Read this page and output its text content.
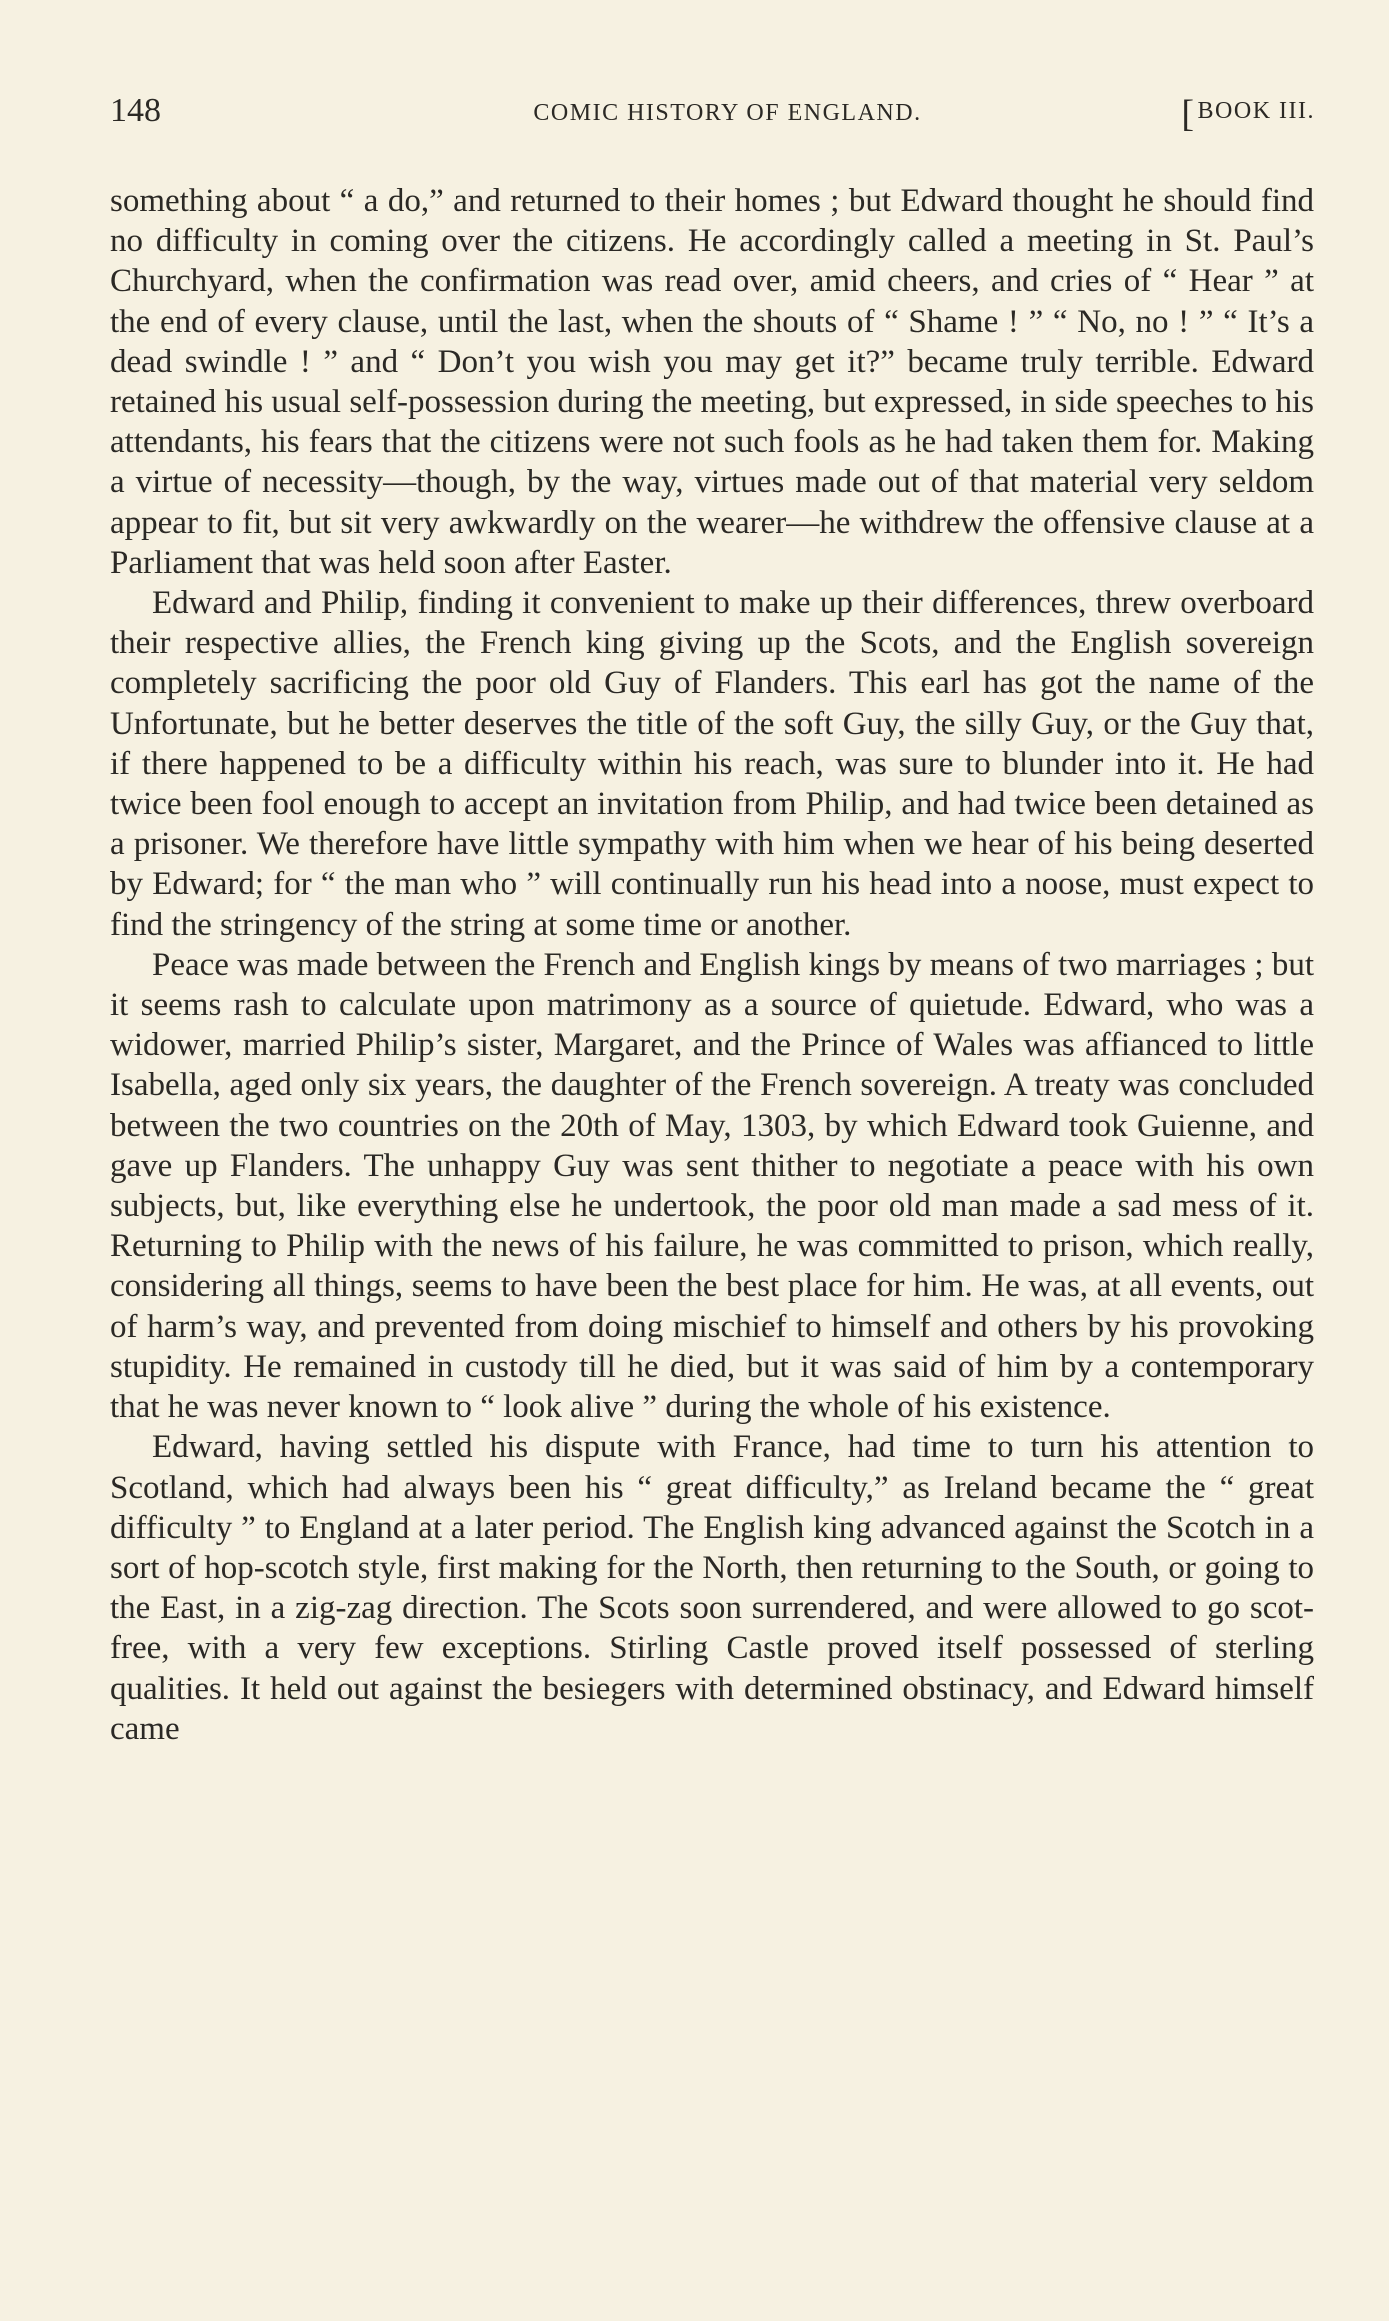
148	COMIC HISTORY OF ENGLAND.	[BOOK III.

something about “ a do,” and returned to their homes ; but Edward thought he should find no difficulty in coming over the citizens. He accordingly called a meeting in St. Paul’s Churchyard, when the confirmation was read over, amid cheers, and cries of “ Hear ” at the end of every clause, until the last, when the shouts of “ Shame ! ” “ No, no ! ” “ It’s a dead swindle ! ” and “ Don’t you wish you may get it?” became truly terrible. Edward retained his usual self-possession during the meeting, but expressed, in side speeches to his attendants, his fears that the citizens were not such fools as he had taken them for. Making a virtue of necessity—though, by the way, virtues made out of that material very seldom appear to fit, but sit very awkwardly on the wearer—he withdrew the offensive clause at a Parliament that was held soon after Easter.

Edward and Philip, finding it convenient to make up their differences, threw overboard their respective allies, the French king giving up the Scots, and the English sovereign completely sacrificing the poor old Guy of Flanders. This earl has got the name of the Unfortunate, but he better deserves the title of the soft Guy, the silly Guy, or the Guy that, if there happened to be a difficulty within his reach, was sure to blunder into it. He had twice been fool enough to accept an invitation from Philip, and had twice been detained as a prisoner. We therefore have little sympathy with him when we hear of his being deserted by Edward; for “ the man who ” will continually run his head into a noose, must expect to find the stringency of the string at some time or another.

Peace was made between the French and English kings by means of two marriages ; but it seems rash to calculate upon matrimony as a source of quietude. Edward, who was a widower, married Philip’s sister, Margaret, and the Prince of Wales was affianced to little Isabella, aged only six years, the daughter of the French sovereign. A treaty was concluded between the two countries on the 20th of May, 1303, by which Edward took Guienne, and gave up Flanders. The unhappy Guy was sent thither to negotiate a peace with his own subjects, but, like everything else he undertook, the poor old man made a sad mess of it. Returning to Philip with the news of his failure, he was committed to prison, which really, considering all things, seems to have been the best place for him. He was, at all events, out of harm’s way, and prevented from doing mischief to himself and others by his provoking stupidity. He remained in custody till he died, but it was said of him by a contemporary that he was never known to “ look alive ” during the whole of his existence.

Edward, having settled his dispute with France, had time to turn his attention to Scotland, which had always been his “ great difficulty,” as Ireland became the “ great difficulty ” to England at a later period. The English king advanced against the Scotch in a sort of hop-scotch style, first making for the North, then returning to the South, or going to the East, in a zig-zag direction. The Scots soon surrendered, and were allowed to go scot-free, with a very few exceptions. Stirling Castle proved itself possessed of sterling qualities. It held out against the besiegers with determined obstinacy, and Edward himself came
